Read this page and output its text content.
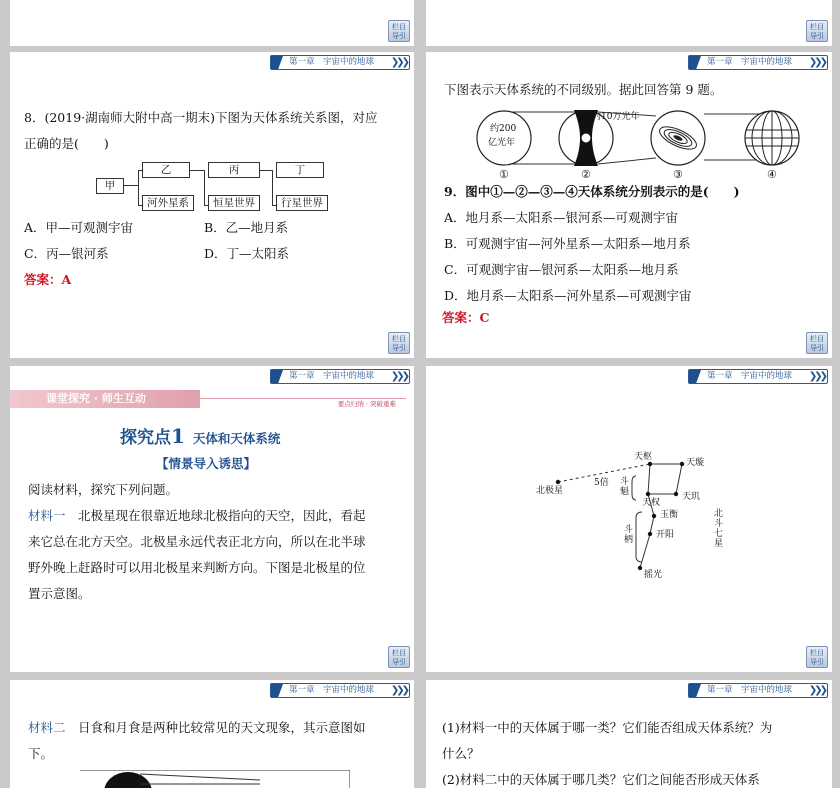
栏目导引
栏目导引
第一章　宇宙中的地球 ❯❯❯
8．(2019·湖南师大附中高一期末)下图为天体系统关系图，对应
正确的是(　　)
甲
乙
河外星系
丙
恒星世界
丁
行星世界
A．甲—可观测宇宙	B．乙—地月系
C．丙—银河系	D．丁—太阳系
答案：A
栏目导引
第一章　宇宙中的地球 ❯❯❯
下图表示天体系统的不同级别。据此回答第 9 题。
约200
亿光年
约10万光年
①	②	③	④
9．图中①—②—③—④天体系统分别表示的是(　　)
A．地月系—太阳系—银河系—可观测宇宙
B．可观测宇宙—河外星系—太阳系—地月系
C．可观测宇宙—银河系—太阳系—地月系
D．地月系—太阳系—河外星系—可观测宇宙
答案：C
栏目导引
第一章　宇宙中的地球 ❯❯❯
课堂探究 · 师生互动	要点归纳 · 突破重难
探究点1 天体和天体系统
【情景导入诱思】
阅读材料，探究下列问题。
材料一　北极星现在很靠近地球北极指向的天空，因此，看起
来它总在北方天空。北极星永远代表正北方向，所以在北半球
野外晚上赶路时可以用北极星来判断方向。下图是北极星的位
置示意图。
栏目导引
第一章　宇宙中的地球 ❯❯❯
北极星
5倍
天枢
天璇
天权
天玑
玉衡
开阳
摇光
斗魁
斗柄	北斗七星
栏目导引
第一章　宇宙中的地球 ❯❯❯
材料二　日食和月食是两种比较常见的天文现象，其示意图如
下。
第一章　宇宙中的地球 ❯❯❯
(1)材料一中的天体属于哪一类？它们能否组成天体系统？为
什么？
(2)材料二中的天体属于哪几类？它们之间能否形成天体系
